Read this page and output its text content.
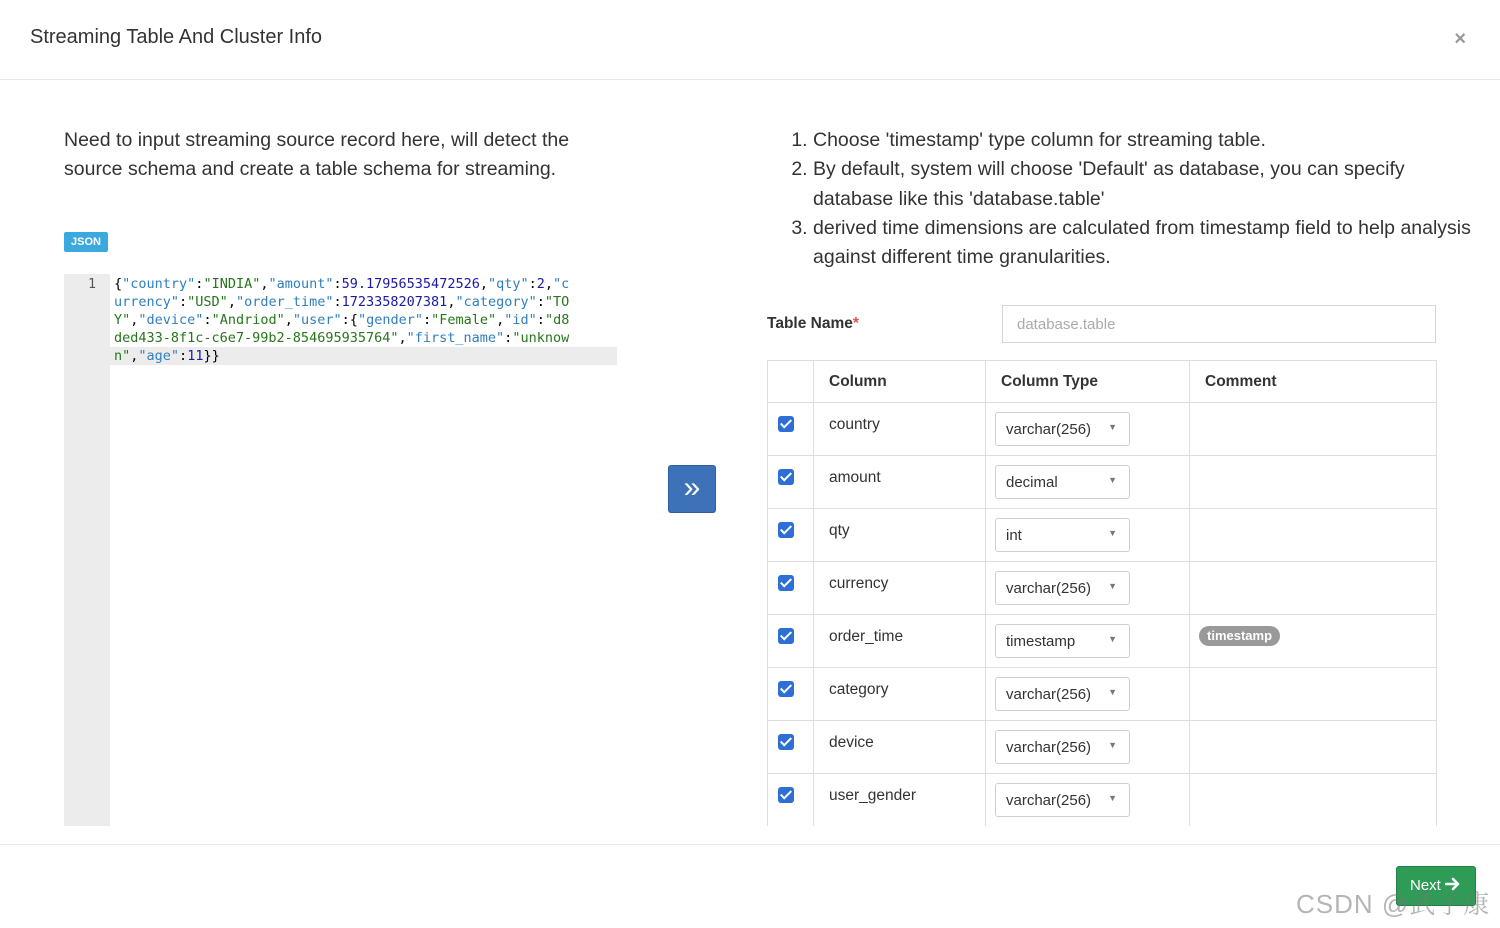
Streaming Table And Cluster Info	×
Need to input streaming source record here, will detect the source schema and create a table schema for streaming.
JSON
1 {"country":"INDIA","amount":59.17956535472526,"qty":2,"currency":"USD","order_time":1723358207381,"category":"TOY","device":"Andriod","user":{"gender":"Female","id":"d8ded433-8f1c-c6e7-99b2-854695935764","first_name":"unknown","age":11}}
»
1. Choose 'timestamp' type column for streaming table.
2. By default, system will choose 'Default' as database, you can specify database like this 'database.table'
3. derived time dimensions are calculated from timestamp field to help analysis against different time granularities.
Table Name*
database.table
	Column	Column Type	Comment

	country	varchar(256) ▼	

	amount	decimal ▼	

	qty	int ▼	

	currency	varchar(256) ▼	

	order_time	timestamp ▼	timestamp

	category	varchar(256) ▼	

	device	varchar(256) ▼	

	user_gender	varchar(256) ▼	

Next
CSDN @武子康
